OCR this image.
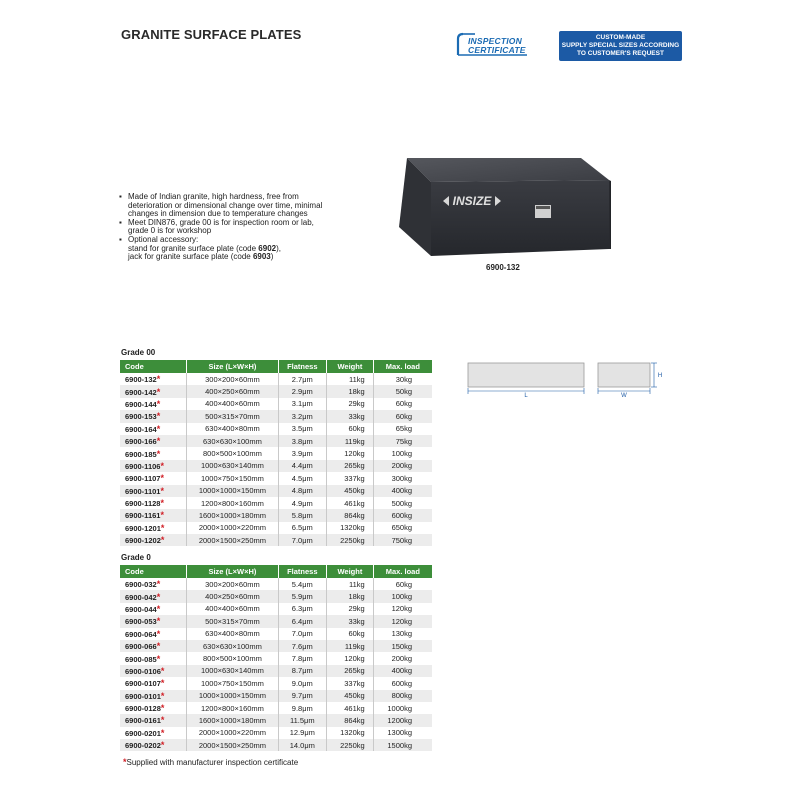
GRANITE SURFACE PLATES	INSPECTION
CERTIFICATE
CUSTOM-MADE
SUPPLY SPECIAL SIZES ACCORDING
TO CUSTOMER'S REQUEST
INSIZE
6900-132
▪ Made of Indian granite, high hardness, free from deterioration or dimensional change over time, minimal changes in dimension due to temperature changes
▪ Meet DIN876, grade 00 is for inspection room or lab, grade 0 is for workshop
▪ Optional accessory:
stand for granite surface plate (code 6902),
jack for granite surface plate (code 6903)
Grade 00
Code	Size (L×W×H)	Flatness	Weight	Max. load
6900-132*	300×200×60mm	2.7μm	11kg	30kg
6900-142*	400×250×60mm	2.9μm	18kg	50kg
6900-144*	400×400×60mm	3.1μm	29kg	60kg
6900-153*	500×315×70mm	3.2μm	33kg	60kg
6900-164*	630×400×80mm	3.5μm	60kg	65kg
6900-166*	630×630×100mm	3.8μm	119kg	75kg
6900-185*	800×500×100mm	3.9μm	120kg	100kg
6900-1106*	1000×630×140mm	4.4μm	265kg	200kg
6900-1107*	1000×750×150mm	4.5μm	337kg	300kg
6900-1101*	1000×1000×150mm	4.8μm	450kg	400kg
6900-1128*	1200×800×160mm	4.9μm	461kg	500kg
6900-1161*	1600×1000×180mm	5.8μm	864kg	600kg
6900-1201*	2000×1000×220mm	6.5μm	1320kg	650kg
6900-1202*	2000×1500×250mm	7.0μm	2250kg	750kg
Grade 0
Code	Size (L×W×H)	Flatness	Weight	Max. load
6900-032*	300×200×60mm	5.4μm	11kg	60kg
6900-042*	400×250×60mm	5.9μm	18kg	100kg
6900-044*	400×400×60mm	6.3μm	29kg	120kg
6900-053*	500×315×70mm	6.4μm	33kg	120kg
6900-064*	630×400×80mm	7.0μm	60kg	130kg
6900-066*	630×630×100mm	7.6μm	119kg	150kg
6900-085*	800×500×100mm	7.8μm	120kg	200kg
6900-0106*	1000×630×140mm	8.7μm	265kg	400kg
6900-0107*	1000×750×150mm	9.0μm	337kg	600kg
6900-0101*	1000×1000×150mm	9.7μm	450kg	800kg
6900-0128*	1200×800×160mm	9.8μm	461kg	1000kg
6900-0161*	1600×1000×180mm	11.5μm	864kg	1200kg
6900-0201*	2000×1000×220mm	12.9μm	1320kg	1300kg
6900-0202*	2000×1500×250mm	14.0μm	2250kg	1500kg
L	W
H
*Supplied with manufacturer inspection certificate
